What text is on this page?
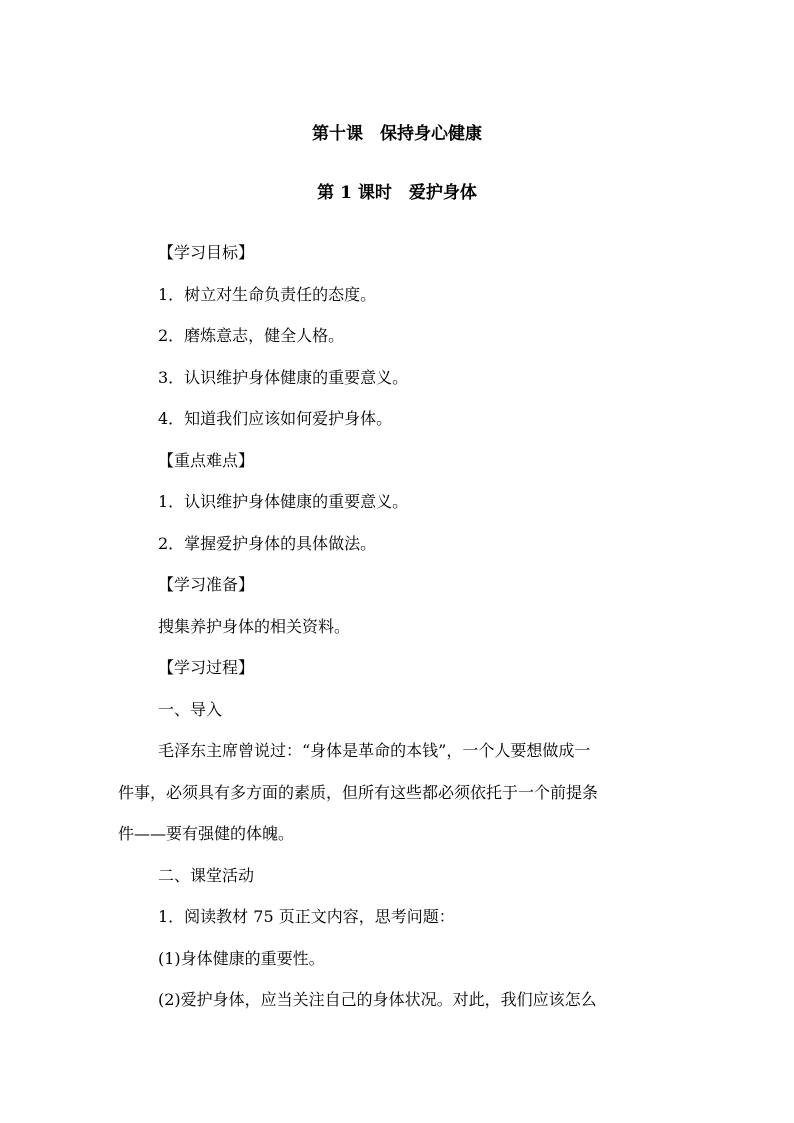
第十课　保持身心健康
第 1 课时　爱护身体
【学习目标】
1．树立对生命负责任的态度。
2．磨炼意志，健全人格。
3．认识维护身体健康的重要意义。
4．知道我们应该如何爱护身体。
【重点难点】
1．认识维护身体健康的重要意义。
2．掌握爱护身体的具体做法。
【学习准备】
搜集养护身体的相关资料。
【学习过程】
一、导入
毛泽东主席曾说过：“身体是革命的本钱”，一个人要想做成一
件事，必须具有多方面的素质，但所有这些都必须依托于一个前提条
件——要有强健的体魄。
二、课堂活动
1．阅读教材 75 页正文内容，思考问题：
(1)身体健康的重要性。
(2)爱护身体，应当关注自己的身体状况。对此，我们应该怎么
